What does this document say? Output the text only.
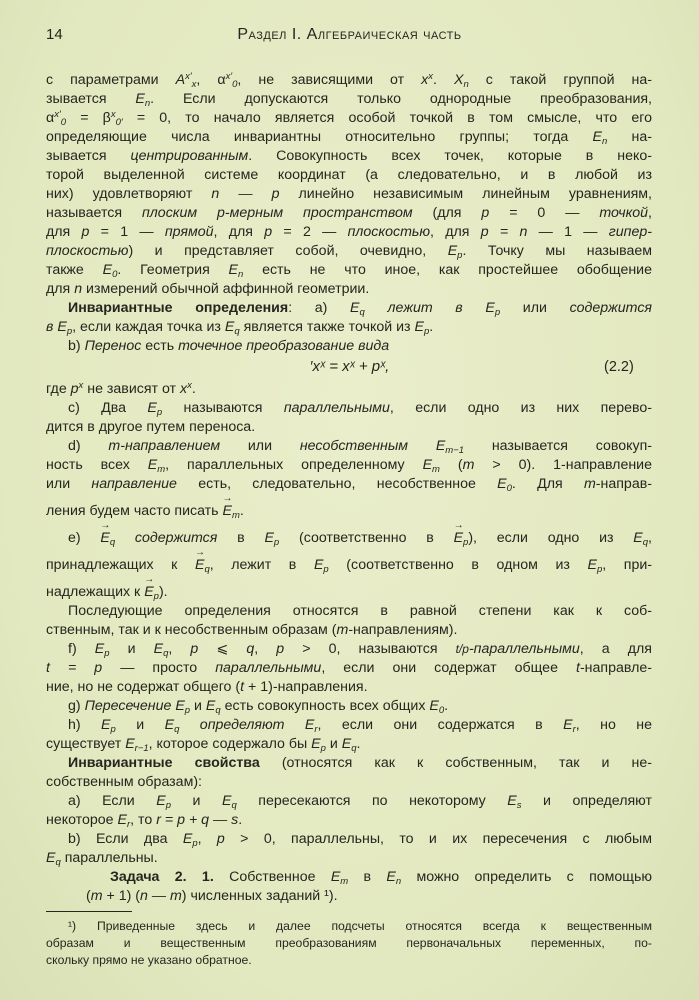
14	Раздел I. Алгебраическая часть
с параметрами $A^{x'}_x$, $\alpha^{x'}_0$, не зависящими от $x^x$. $X_n$ с такой группой на-
зывается $E_n$. Если допускаются только однородные преобразования,
$\alpha^{x'}_0 = \beta^x_{0'} = 0$, то начало является особой точкой в том смысле, что его
определяющие числа инвариантны относительно группы; тогда $E_n$ на-
зывается центрированным. Совокупность всех точек, которые в неко-
торой выделенной системе координат (а следовательно, и в любой из
них) удовлетворяют n — p линейно независимым линейным уравнениям,
называется плоским p-мерным пространством (для p = 0 — точкой,
для p = 1 — прямой, для p = 2 — плоскостью, для p = n — 1 — гипер-
плоскостью) и представляет собой, очевидно, $E_p$. Точку мы называем
также $E_0$. Геометрия $E_n$ есть не что иное, как простейшее обобщение
для n измерений обычной аффинной геометрии.
Инвариантные определения: а) $E_q$ лежит в $E_p$ или содержится
в $E_p$, если каждая точка из $E_q$ является также точкой из $E_p$.
b) Перенос есть точечное преобразование вида
где $p^x$ не зависят от $x^x$.
c) Два $E_p$ называются параллельными, если одно из них перево-
дится в другое путем переноса.
d) m-направлением или несобственным $E_{m-1}$ называется совокуп-
ность всех $E_m$, параллельных определенному $E_m$ (m > 0). 1-направление
или направление есть, следовательно, несобственное $E_0$. Для m-направ-
ления будем часто писать → $E_m$.
$e) \to E_q$ содержится в $E_p$ (соответственно $в \to E_p$), если одно из $E_q$,
принадлежащих $к \to E_q$, лежит в $E_p$ (соответственно в одном из $E_p$, при-
надлежащих $к \to E_p$).
Последующие определения относятся в равной степени как к соб-
ственным, так и к несобственным образам (m-направлениям).
f) $E_p$ и $E_q$, p ⩽ q, p > 0, называются t/p-параллельными, а для
t = p — просто параллельными, если они содержат общее t-направле-
ние, но не содержат общего (t + 1)-направления.
g) Пересечение $E_p$ и $E_q$ есть совокупность всех общих $E_0$.
h) $E_p$ и $E_q$ определяют $E_r$, если они содержатся в $E_r$, но не
существует $E_{r-1}$, которое содержало бы $E_p$ и $E_q$.
Инвариантные свойства (относятся как к собственным, так и не-
собственным образам):
а) Если $E_p$ и $E_q$ пересекаются по некоторому $E_s$ и определяют
некоторое $E_r$, то r = p + q — s.
b) Если два $E_p$, p > 0, параллельны, то и их пересечения с любым
$E_q$ параллельны.
Задача 2. 1. Собственное $E_m$ в $E_n$ можно определить с помощью
(m + 1) (n — m) численных заданий ¹).
′xˣ = xˣ + pˣ,	(2.2)
¹) Приведенные здесь и далее подсчеты относятся всегда к вещественным
образам и вещественным преобразованиям первоначальных переменных, по-
скольку прямо не указано обратное.
